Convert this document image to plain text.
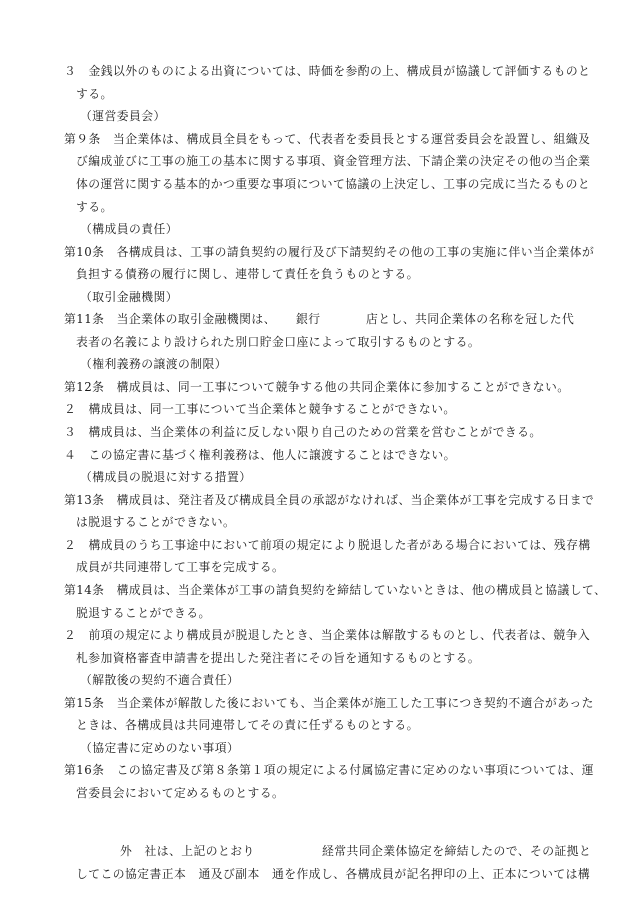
３　金銭以外のものによる出資については、時価を参酌の上、構成員が協議して評価するものと
する。
（運営委員会）
第９条　当企業体は、構成員全員をもって、代表者を委員長とする運営委員会を設置し、組織及
び編成並びに工事の施工の基本に関する事項、資金管理方法、下請企業の決定その他の当企業
体の運営に関する基本的かつ重要な事項について協議の上決定し、工事の完成に当たるものと
する。
（構成員の責任）
第10条　各構成員は、工事の請負契約の履行及び下請契約その他の工事の実施に伴い当企業体が
負担する債務の履行に関し、連帯して責任を負うものとする。
（取引金融機関）
第11条　当企業体の取引金融機関は、 銀行	店とし、共同企業体の名称を冠した代
表者の名義により設けられた別口貯金口座によって取引するものとする。
（権利義務の譲渡の制限）
第12条　構成員は、同一工事について競争する他の共同企業体に参加することができない。
２　構成員は、同一工事について当企業体と競争することができない。
３　構成員は、当企業体の利益に反しない限り自己のための営業を営むことができる。
４　この協定書に基づく権利義務は、他人に譲渡することはできない。
（構成員の脱退に対する措置）
第13条　構成員は、発注者及び構成員全員の承認がなければ、当企業体が工事を完成する日まで
は脱退することができない。
２　構成員のうち工事途中において前項の規定により脱退した者がある場合においては、残存構
成員が共同連帯して工事を完成する。
第14条　構成員は、当企業体が工事の請負契約を締結していないときは、他の構成員と協議して、
脱退することができる。
２　前項の規定により構成員が脱退したとき、当企業体は解散するものとし、代表者は、競争入
札参加資格審査申請書を提出した発注者にその旨を通知するものとする。
（解散後の契約不適合責任）
第15条　当企業体が解散した後においても、当企業体が施工した工事につき契約不適合があった
ときは、各構成員は共同連帯してその責に任ずるものとする。
（協定書に定めのない事項）
第16条　この協定書及び第８条第１項の規定による付属協定書に定めのない事項については、運
営委員会において定めるものとする。
外　社は、上記のとおり	経常共同企業体協定を締結したので、その証拠と
してこの協定書正本　通及び副本　通を作成し、各構成員が記名押印の上、正本については構
